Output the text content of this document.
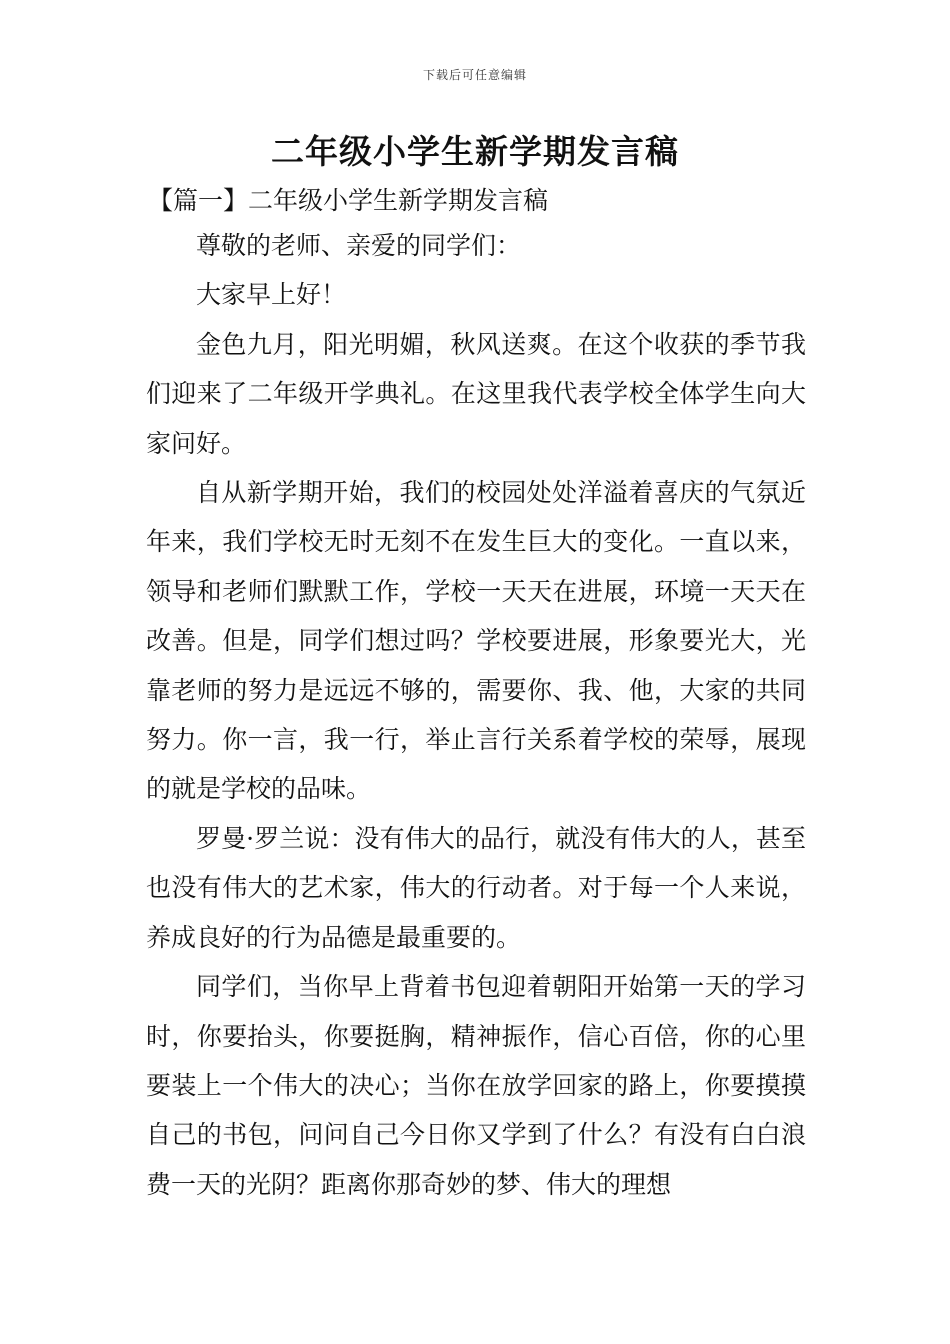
下载后可任意编辑
二年级小学生新学期发言稿
【篇一】二年级小学生新学期发言稿

尊敬的老师、亲爱的同学们：

大家早上好！

金色九月，阳光明媚，秋风送爽。在这个收获的季节我们迎来了二年级开学典礼。在这里我代表学校全体学生向大家问好。

自从新学期开始，我们的校园处处洋溢着喜庆的气氛近年来，我们学校无时无刻不在发生巨大的变化。一直以来，领导和老师们默默工作，学校一天天在进展，环境一天天在改善。但是，同学们想过吗？学校要进展，形象要光大，光靠老师的努力是远远不够的，需要你、我、他，大家的共同努力。你一言，我一行，举止言行关系着学校的荣辱，展现的就是学校的品味。

罗曼·罗兰说：没有伟大的品行，就没有伟大的人，甚至也没有伟大的艺术家，伟大的行动者。对于每一个人来说，养成良好的行为品德是最重要的。

同学们，当你早上背着书包迎着朝阳开始第一天的学习时，你要抬头，你要挺胸，精神振作，信心百倍，你的心里要装上一个伟大的决心；当你在放学回家的路上，你要摸摸自己的书包，问问自己今日你又学到了什么？有没有白白浪费一天的光阴？距离你那奇妙的梦、伟大的理想
